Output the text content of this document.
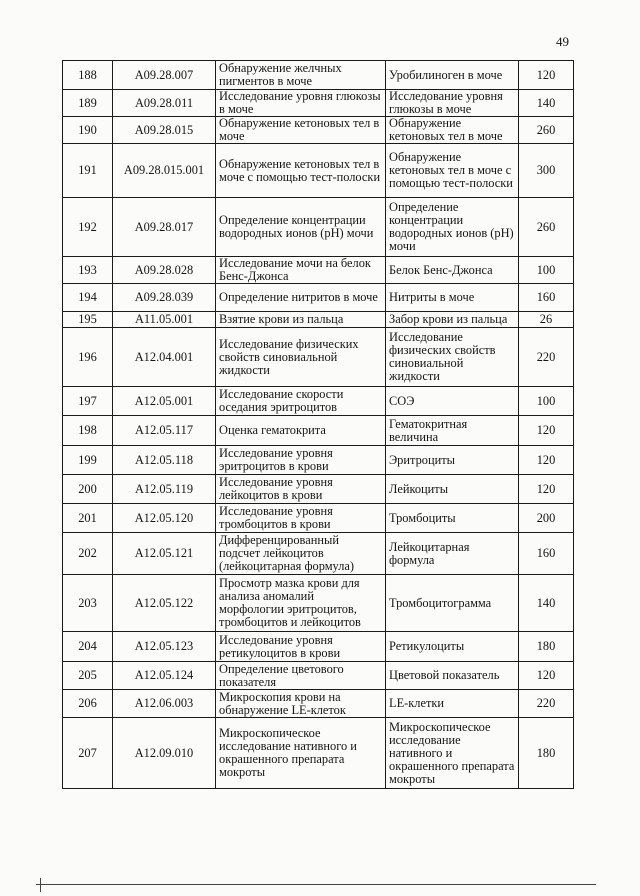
49
188	A09.28.007	Обнаружение желчных пигментов в моче	Уробилиноген в моче	120
189	A09.28.011	Исследование уровня глюкозы в моче	Исследование уровня глюкозы в моче	140
190	A09.28.015	Обнаружение кетоновых тел в моче	Обнаружение кетоновых тел в моче	260
191	A09.28.015.001	Обнаружение кетоновых тел в моче с помощью тест-полоски	Обнаружение кетоновых тел в моче с помощью тест-полоски	300
192	A09.28.017	Определение концентрации водородных ионов (pH) мочи	Определение концентрации водородных ионов (pH) мочи	260
193	A09.28.028	Исследование мочи на белок Бенс-Джонса	Белок Бенс-Джонса	100
194	A09.28.039	Определение нитритов в моче	Нитриты в моче	160
195	A11.05.001	Взятие крови из пальца	Забор крови из пальца	26
196	A12.04.001	Исследование физических свойств синовиальной жидкости	Исследование физических свойств синовиальной жидкости	220
197	A12.05.001	Исследование скорости оседания эритроцитов	СОЭ	100
198	A12.05.117	Оценка гематокрита	Гематокритная величина	120
199	A12.05.118	Исследование уровня эритроцитов в крови	Эритроциты	120
200	A12.05.119	Исследование уровня лейкоцитов в крови	Лейкоциты	120
201	A12.05.120	Исследование уровня тромбоцитов в крови	Тромбоциты	200
202	A12.05.121	Дифференцированный подсчет лейкоцитов (лейкоцитарная формула)	Лейкоцитарная формула	160
203	A12.05.122	Просмотр мазка крови для анализа аномалий морфологии эритроцитов, тромбоцитов и лейкоцитов	Тромбоцитограмма	140
204	A12.05.123	Исследование уровня ретикулоцитов в крови	Ретикулоциты	180
205	A12.05.124	Определение цветового показателя	Цветовой показатель	120
206	A12.06.003	Микроскопия крови на обнаружение LE-клеток	LE-клетки	220
207	A12.09.010	Микроскопическое исследование нативного и окрашенного препарата мокроты	Микроскопическое исследование нативного и окрашенного препарата мокроты	180
